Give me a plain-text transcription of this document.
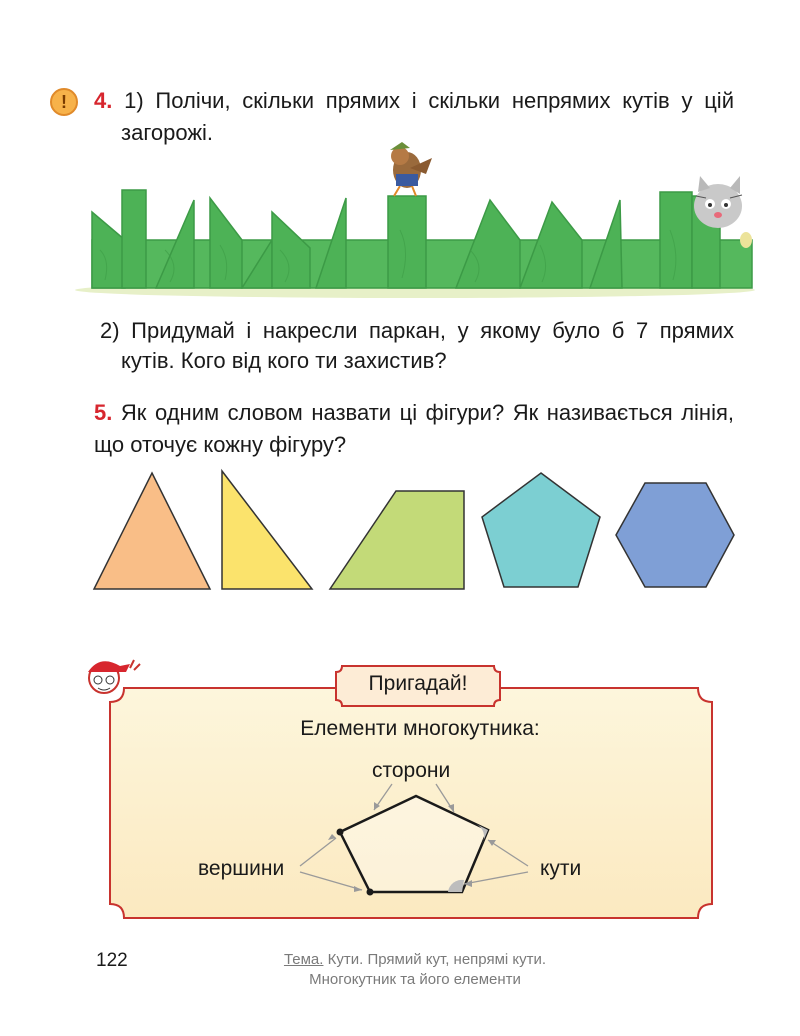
!	4. 1) Полічи, скільки прямих і скільки непрямих кутів у цій
загорожі.
2) Придумай і накресли паркан, у якому було б 7 прямих
кутів. Кого від кого ти захистив?
5. Як одним словом назвати ці фігури? Як називається лінія,
що оточує кожну фігуру?
Пригадай!
Елементи многокутника:
сторони
вершини	кути
122	Тема. Кути. Прямий кут, непрямі кути.
Многокутник та його елементи
